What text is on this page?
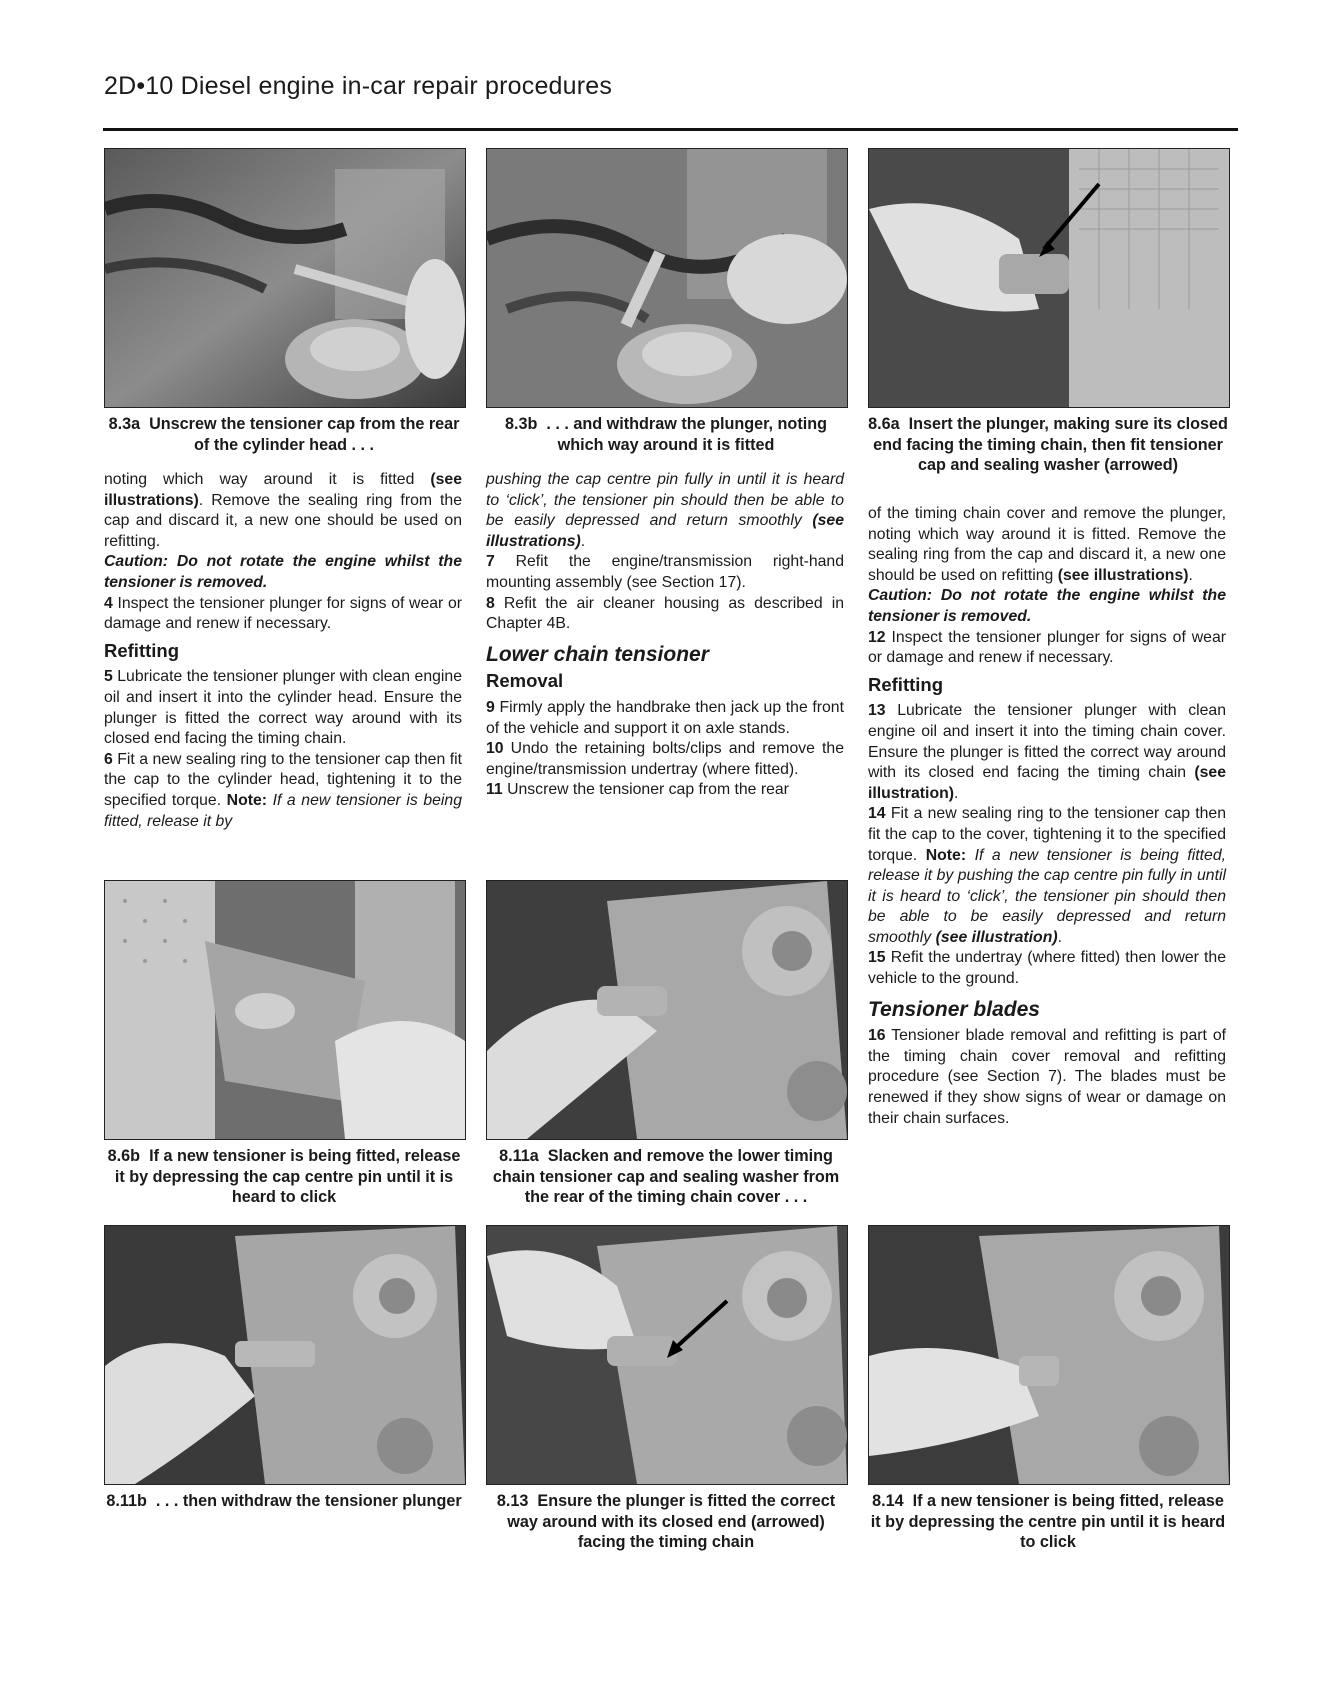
2D•10 Diesel engine in-car repair procedures
8.3a Unscrew the tensioner cap from the rear of the cylinder head . . .
8.3b . . . and withdraw the plunger, noting which way around it is fitted
8.6a Insert the plunger, making sure its closed end facing the timing chain, then fit tensioner cap and sealing washer (arrowed)

noting which way around it is fitted (see illustrations). Remove the sealing ring from the cap and discard it, a new one should be used on refitting.

Caution: Do not rotate the engine whilst the tensioner is removed.

4 Inspect the tensioner plunger for signs of wear or damage and renew if necessary.

Refitting

5 Lubricate the tensioner plunger with clean engine oil and insert it into the cylinder head. Ensure the plunger is fitted the correct way around with its closed end facing the timing chain.

6 Fit a new sealing ring to the tensioner cap then fit the cap to the cylinder head, tightening it to the specified torque. Note: If a new tensioner is being fitted, release it by

pushing the cap centre pin fully in until it is heard to ‘click’, the tensioner pin should then be able to be easily depressed and return smoothly (see illustrations).

7 Refit the engine/transmission right-hand mounting assembly (see Section 17).

8 Refit the air cleaner housing as described in Chapter 4B.

Lower chain tensioner
Removal

9 Firmly apply the handbrake then jack up the front of the vehicle and support it on axle stands.

10 Undo the retaining bolts/clips and remove the engine/transmission undertray (where fitted).

11 Unscrew the tensioner cap from the rear

of the timing chain cover and remove the plunger, noting which way around it is fitted. Remove the sealing ring from the cap and discard it, a new one should be used on refitting (see illustrations).

Caution: Do not rotate the engine whilst the tensioner is removed.

12 Inspect the tensioner plunger for signs of wear or damage and renew if necessary.

Refitting

13 Lubricate the tensioner plunger with clean engine oil and insert it into the timing chain cover. Ensure the plunger is fitted the correct way around with its closed end facing the timing chain (see illustration).

14 Fit a new sealing ring to the tensioner cap then fit the cap to the cover, tightening it to the specified torque. Note: If a new tensioner is being fitted, release it by pushing the cap centre pin fully in until it is heard to ‘click’, the tensioner pin should then be able to be easily depressed and return smoothly (see illustration).

15 Refit the undertray (where fitted) then lower the vehicle to the ground.

Tensioner blades

16 Tensioner blade removal and refitting is part of the timing chain cover removal and refitting procedure (see Section 7). The blades must be renewed if they show signs of wear or damage on their chain surfaces.

8.6b If a new tensioner is being fitted, release it by depressing the cap centre pin until it is heard to click
8.11a Slacken and remove the lower timing chain tensioner cap and sealing washer from the rear of the timing chain cover . . .
8.11b . . . then withdraw the tensioner plunger	8.13 Ensure the plunger is fitted the correct way around with its closed end (arrowed) facing the timing chain
8.14 If a new tensioner is being fitted, release it by depressing the centre pin until it is heard to click
